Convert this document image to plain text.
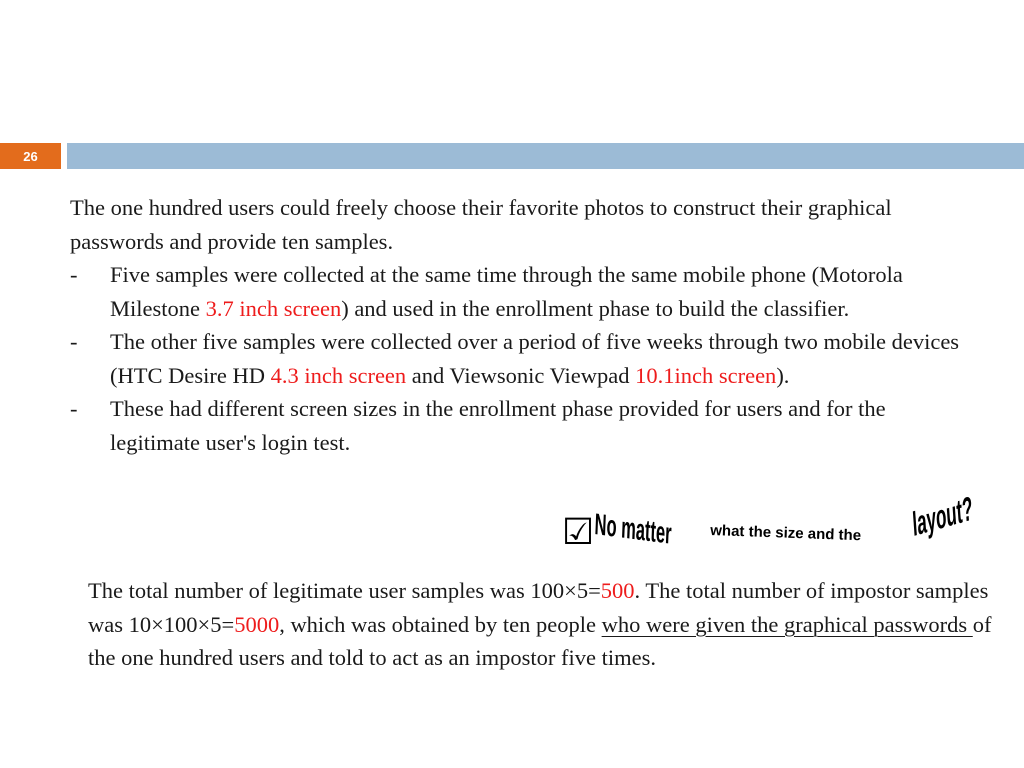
26

The one hundred users could freely choose their favorite photos to construct their graphical passwords and provide ten samples.

- Five samples were collected at the same time through the same mobile phone (Motorola Milestone 3.7 inch screen) and used in the enrollment phase to build the classifier.

- The other five samples were collected over a period of five weeks through two mobile devices (HTC Desire HD 4.3 inch screen and Viewsonic Viewpad 10.1inch screen).

- These had different screen sizes in the enrollment phase provided for users and for the legitimate user's login test.

☑ No matter	what the size and the layout?

The total number of legitimate user samples was 100×5=500. The total number of impostor samples was 10×100×5=5000, which was obtained by ten people who were given the graphical passwords of the one hundred users and told to act as an impostor five times.
